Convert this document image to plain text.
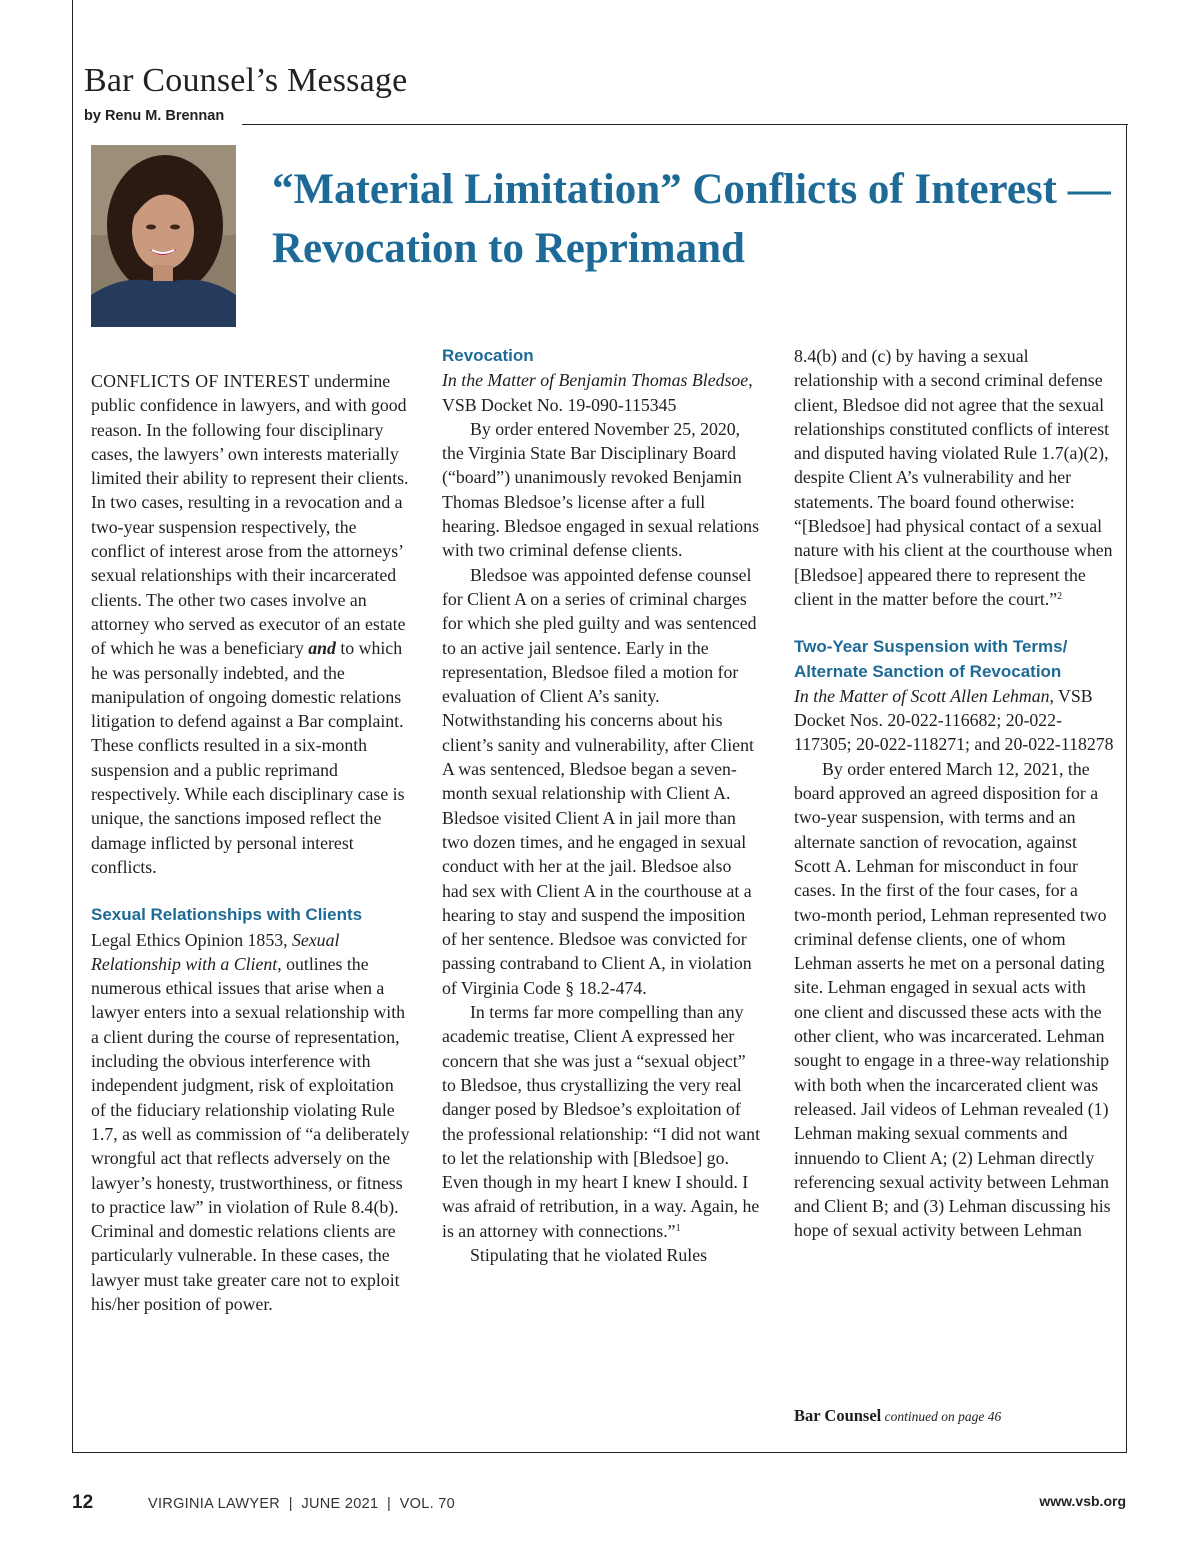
Bar Counsel’s Message
by Renu M. Brennan
“Material Limitation” Conflicts of Interest — Revocation to Reprimand

CONFLICTS OF INTEREST undermine public confidence in lawyers, and with good reason. In the following four disciplinary cases, the lawyers’ own interests materially limited their ability to represent their clients. In two cases, resulting in a revocation and a two-year suspension respectively, the conflict of interest arose from the attorneys’ sexual relationships with their incarcerated clients. The other two cases involve an attorney who served as executor of an estate of which he was a beneficiary and to which he was personally indebted, and the manipulation of ongoing domestic relations litigation to defend against a Bar complaint. These conflicts resulted in a six-month suspension and a public reprimand respectively. While each disciplinary case is unique, the sanctions imposed reflect the damage inflicted by personal interest conflicts.

Sexual Relationships with Clients

Legal Ethics Opinion 1853, Sexual Relationship with a Client, outlines the numerous ethical issues that arise when a lawyer enters into a sexual relationship with a client during the course of representation, including the obvious interference with independent judgment, risk of exploitation of the fiduciary relationship violating Rule 1.7, as well as commission of “a deliberately wrongful act that reflects adversely on the lawyer’s honesty, trustworthiness, or fitness to practice law” in violation of Rule 8.4(b). Criminal and domestic relations clients are particularly vulnerable. In these cases, the lawyer must take greater care not to exploit his/her position of power.

Revocation

In the Matter of Benjamin Thomas Bledsoe, VSB Docket No. 19-090-115345

By order entered November 25, 2020, the Virginia State Bar Disciplinary Board (“board”) unanimously revoked Benjamin Thomas Bledsoe’s license after a full hearing. Bledsoe engaged in sexual relations with two criminal defense clients.

Bledsoe was appointed defense counsel for Client A on a series of criminal charges for which she pled guilty and was sentenced to an active jail sentence. Early in the representation, Bledsoe filed a motion for evaluation of Client A’s sanity. Notwithstanding his concerns about his client’s sanity and vulnerability, after Client A was sentenced, Bledsoe began a seven-month sexual relationship with Client A. Bledsoe visited Client A in jail more than two dozen times, and he engaged in sexual conduct with her at the jail. Bledsoe also had sex with Client A in the courthouse at a hearing to stay and suspend the imposition of her sentence. Bledsoe was convicted for passing contraband to Client A, in violation of Virginia Code § 18.2-474.

In terms far more compelling than any academic treatise, Client A expressed her concern that she was just a “sexual object” to Bledsoe, thus crystallizing the very real danger posed by Bledsoe’s exploitation of the professional relationship: “I did not want to let the relationship with [Bledsoe] go. Even though in my heart I knew I should. I was afraid of retribution, in a way. Again, he is an attorney with connections.”$^1$

Stipulating that he violated Rules

8.4(b) and (c) by having a sexual relationship with a second criminal defense client, Bledsoe did not agree that the sexual relationships constituted conflicts of interest and disputed having violated Rule 1.7(a)(2), despite Client A’s vulnerability and her statements. The board found otherwise: “[Bledsoe] had physical contact of a sexual nature with his client at the courthouse when [Bledsoe] appeared there to represent the client in the matter before the court.”$^2$

Two-Year Suspension with Terms/
Alternate Sanction of Revocation

In the Matter of Scott Allen Lehman, VSB Docket Nos. 20-022-116682; 20-022-117305; 20-022-118271; and 20-022-118278

By order entered March 12, 2021, the board approved an agreed disposition for a two-year suspension, with terms and an alternate sanction of revocation, against Scott A. Lehman for misconduct in four cases. In the first of the four cases, for a two-month period, Lehman represented two criminal defense clients, one of whom Lehman asserts he met on a personal dating site. Lehman engaged in sexual acts with one client and discussed these acts with the other client, who was incarcerated. Lehman sought to engage in a three-way relationship with both when the incarcerated client was released. Jail videos of Lehman revealed (1) Lehman making sexual comments and innuendo to Client A; (2) Lehman directly referencing sexual activity between Lehman and Client B; and (3) Lehman discussing his hope of sexual activity between Lehman

Bar Counsel continued on page 46
12	VIRGINIA LAWYER  |  JUNE 2021  |  VOL. 70	www.vsb.org
